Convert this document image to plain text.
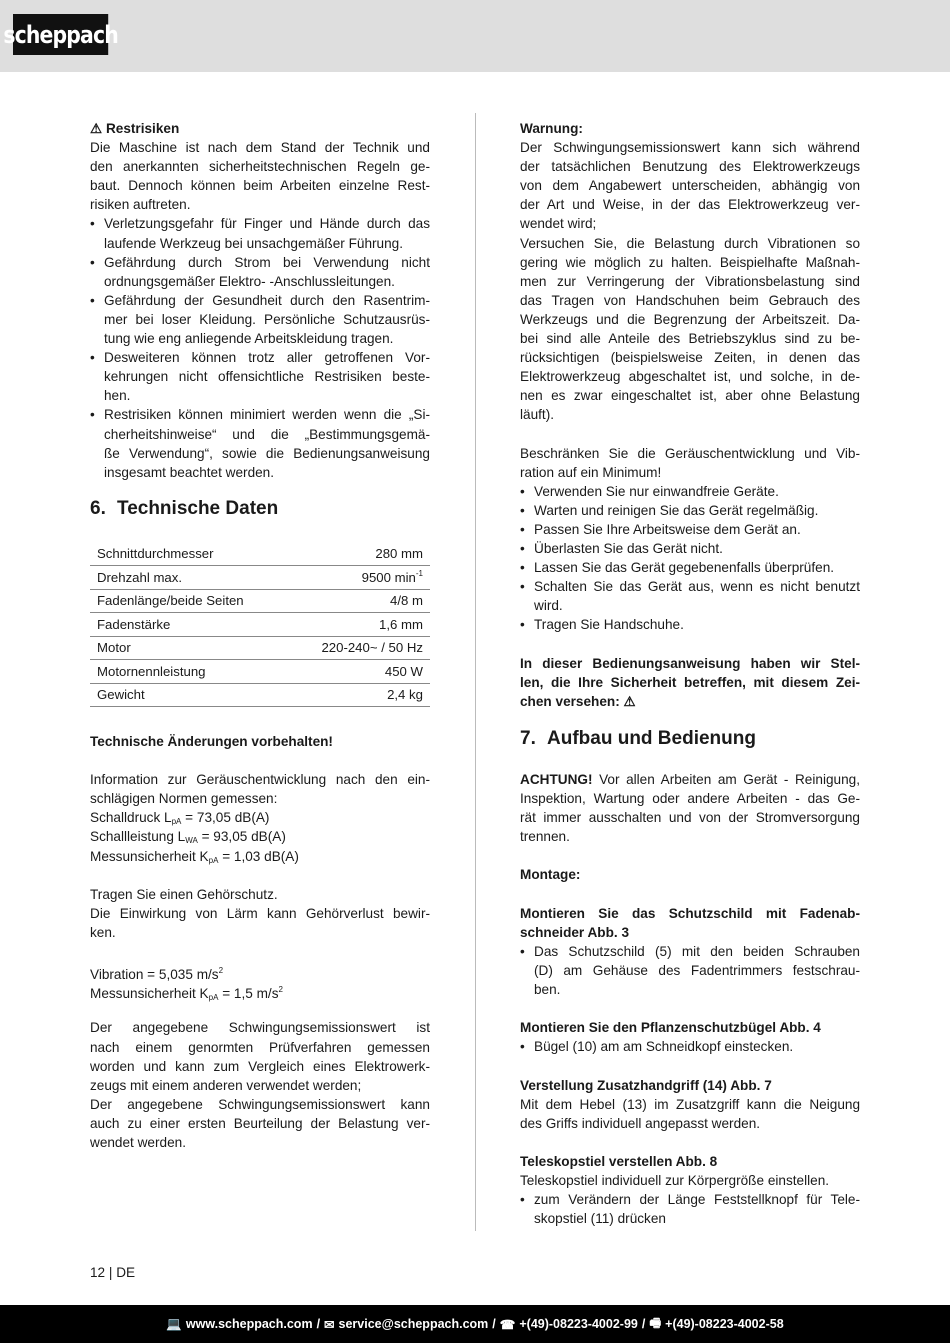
scheppach
⚠ Restrisiken
Die Maschine ist nach dem Stand der Technik und
den anerkannten sicherheitstechnischen Regeln ge-
baut. Dennoch können beim Arbeiten einzelne Rest-
risiken auftreten.
• Verletzungsgefahr für Finger und Hände durch das
laufende Werkzeug bei unsachgemäßer Führung.
• Gefährdung durch Strom bei Verwendung nicht
ordnungsgemäßer Elektro- -Anschlussleitungen.
• Gefährdung der Gesundheit durch den Rasentrim-
mer bei loser Kleidung. Persönliche Schutzausrüs-
tung wie eng anliegende Arbeitskleidung tragen.
• Desweiteren können trotz aller getroffenen Vor-
kehrungen nicht offensichtliche Restrisiken beste-
hen.
• Restrisiken können minimiert werden wenn die „Si-
cherheitshinweise“ und die „Bestimmungsgemä-
ße Verwendung“, sowie die Bedienungsanweisung
insgesamt beachtet werden.
6. Technische Daten
Schnittdurchmesser	280 mm
Drehzahl max.	9500 $\min^{-1}$
Fadenlänge/beide Seiten	4/8 m
Fadenstärke	1,6 mm
Motor	220-240~ / 50 Hz
Motornennleistung	450 W
Gewicht	2,4 kg
Technische Änderungen vorbehalten!
Information zur Geräuschentwicklung nach den ein-
schlägigen Normen gemessen:
Schalldruck $L_{pA} = 73,05$ dB(A)
Schallleistung $L_{WA} = 93,05$ dB(A)
Messunsicherheit $K_{pA} = 1,03$ dB(A)
Tragen Sie einen Gehörschutz.
Die Einwirkung von Lärm kann Gehörverlust bewir-
ken.
Vibration = 5,035 $m/s^2$
Messunsicherheit $K_{pA} = 1,5$ $m/s^2$
Der angegebene Schwingungsemissionswert ist
nach einem genormten Prüfverfahren gemessen
worden und kann zum Vergleich eines Elektrowerk-
zeugs mit einem anderen verwendet werden;
Der angegebene Schwingungsemissionswert kann
auch zu einer ersten Beurteilung der Belastung ver-
wendet werden.
Warnung:
Der Schwingungsemissionswert kann sich während
der tatsächlichen Benutzung des Elektrowerkzeugs
von dem Angabewert unterscheiden, abhängig von
der Art und Weise, in der das Elektrowerkzeug ver-
wendet wird;
Versuchen Sie, die Belastung durch Vibrationen so
gering wie möglich zu halten. Beispielhafte Maßnah-
men zur Verringerung der Vibrationsbelastung sind
das Tragen von Handschuhen beim Gebrauch des
Werkzeugs und die Begrenzung der Arbeitszeit. Da-
bei sind alle Anteile des Betriebszyklus sind zu be-
rücksichtigen (beispielsweise Zeiten, in denen das
Elektrowerkzeug abgeschaltet ist, und solche, in de-
nen es zwar eingeschaltet ist, aber ohne Belastung
läuft).
Beschränken Sie die Geräuschentwicklung und Vib-
ration auf ein Minimum!
• Verwenden Sie nur einwandfreie Geräte.
• Warten und reinigen Sie das Gerät regelmäßig.
• Passen Sie Ihre Arbeitsweise dem Gerät an.
• Überlasten Sie das Gerät nicht.
• Lassen Sie das Gerät gegebenenfalls überprüfen.
• Schalten Sie das Gerät aus, wenn es nicht benutzt
wird.
• Tragen Sie Handschuhe.
In dieser Bedienungsanweisung haben wir Stel-
len, die Ihre Sicherheit betreffen, mit diesem Zei-
chen versehen: ⚠
7. Aufbau und Bedienung
ACHTUNG! Vor allen Arbeiten am Gerät - Reinigung,
Inspektion, Wartung oder andere Arbeiten - das Ge-
rät immer ausschalten und von der Stromversorgung
trennen.
Montage:
Montieren Sie das Schutzschild mit Fadenab-
schneider Abb. 3
• Das Schutzschild (5) mit den beiden Schrauben
(D) am Gehäuse des Fadentrimmers festschrau-
ben.
Montieren Sie den Pflanzenschutzbügel Abb. 4
• Bügel (10) am am Schneidkopf einstecken.
Verstellung Zusatzhandgriff (14) Abb. 7
Mit dem Hebel (13) im Zusatzgriff kann die Neigung
des Griffs individuell angepasst werden.
Teleskopstiel verstellen Abb. 8
Teleskopstiel individuell zur Körpergröße einstellen.
• zum Verändern der Länge Feststellknopf für Tele-
skopstiel (11) drücken
12 | DE
💻 www.scheppach.com / ✉ service@scheppach.com / ☎ +(49)-08223-4002-99 / 🖷 +(49)-08223-4002-58
